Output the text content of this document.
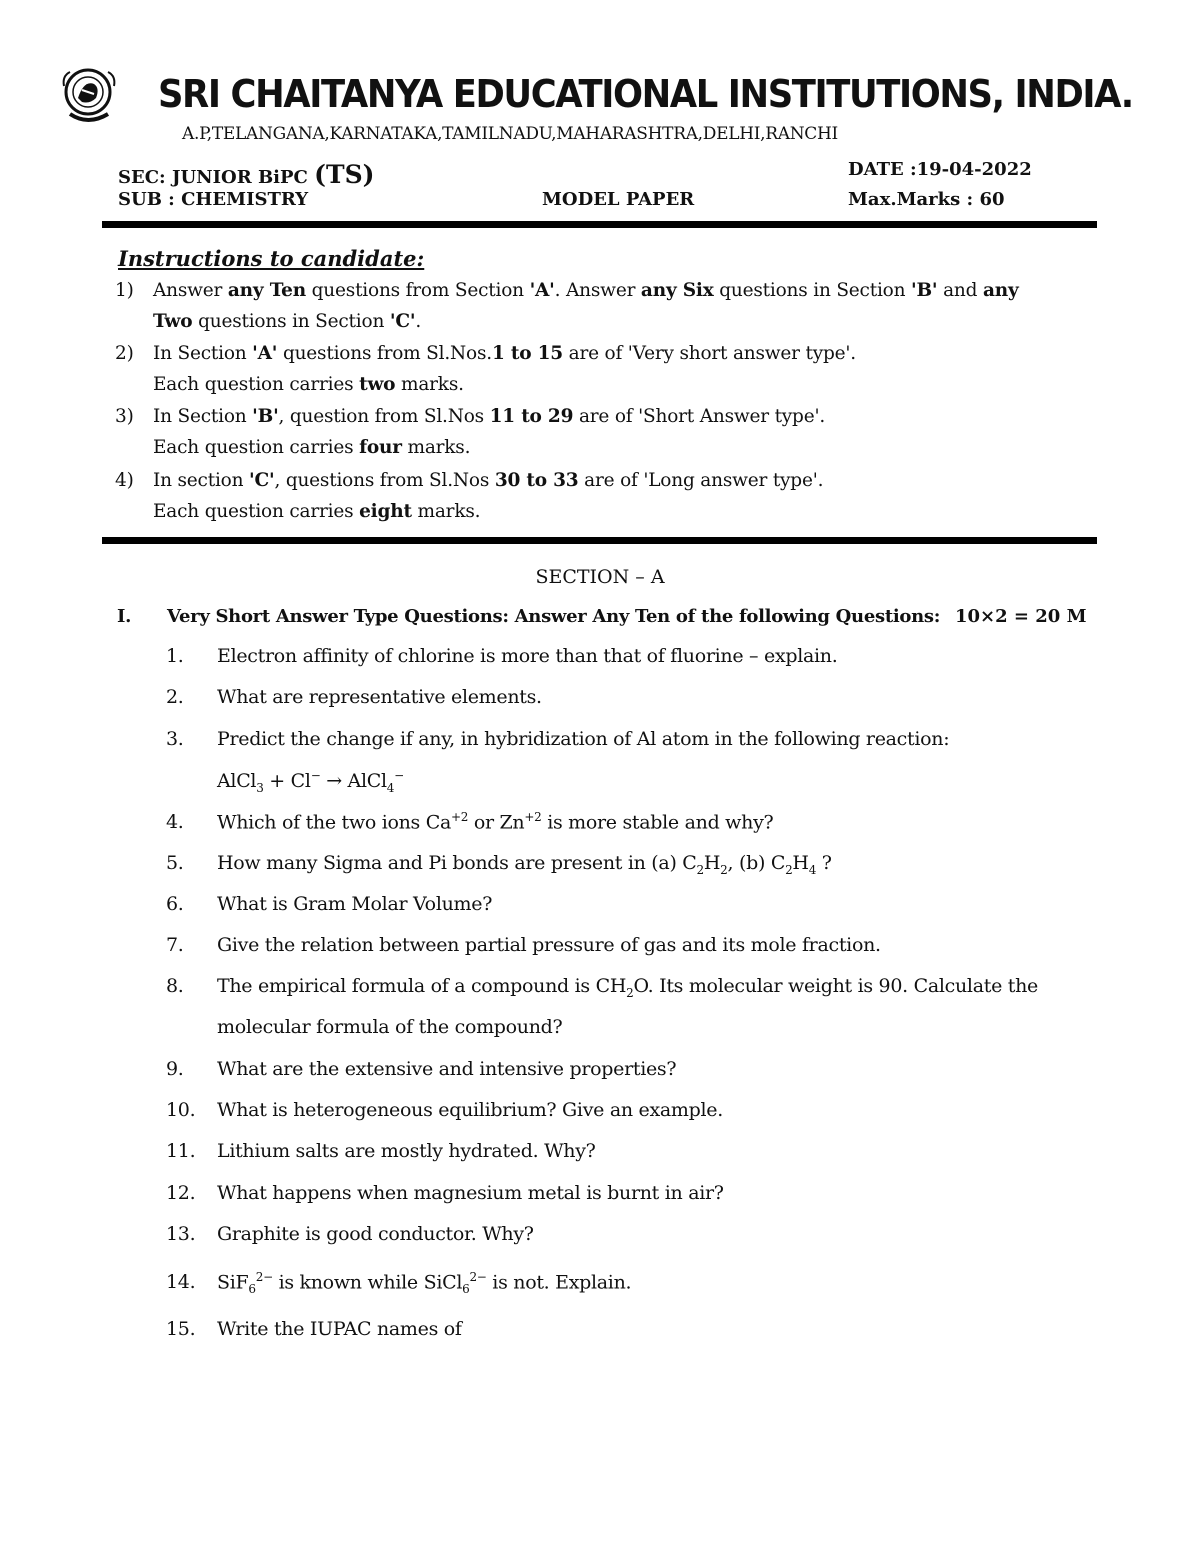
SRI CHAITANYA EDUCATIONAL INSTITUTIONS, INDIA.
A.P,TELANGANA,KARNATAKA,TAMILNADU,MAHARASHTRA,DELHI,RANCHI
SEC: JUNIOR BiPC (TS)	DATE :19-04-2022
SUB : CHEMISTRY	MODEL PAPER	Max.Marks : 60
Instructions to candidate:
1) Answer any Ten questions from Section 'A'. Answer any Six questions in Section 'B' and any
Two questions in Section 'C'.
2) In Section 'A' questions from Sl.Nos.1 to 15 are of 'Very short answer type'.
Each question carries two marks.
3) In Section 'B', question from Sl.Nos 11 to 29 are of 'Short Answer type'.
Each question carries four marks.
4) In section 'C', questions from Sl.Nos 30 to 33 are of 'Long answer type'.
Each question carries eight marks.
SECTION – A
I. Very Short Answer Type Questions: Answer Any Ten of the following Questions: 10×2 = 20 M
1. Electron affinity of chlorine is more than that of fluorine – explain.
2. What are representative elements.
3. Predict the change if any, in hybridization of Al atom in the following reaction:
AlCl$_3$ + Cl− → AlCl$_4$−
4. Which of the two ions $Ca^{+2}$ or $Zn^{+2}$ is more stable and why?
5. How many Sigma and Pi bonds are present in (a) $C_2H_2$, (b) $C_2H_4$ ?
6. What is Gram Molar Volume?
7. Give the relation between partial pressure of gas and its mole fraction.
8. The empirical formula of a compound is $CH_2O$. Its molecular weight is 90. Calculate the
molecular formula of the compound?
9. What are the extensive and intensive properties?
10. What is heterogeneous equilibrium? Give an example.
11. Lithium salts are mostly hydrated. Why?
12. What happens when magnesium metal is burnt in air?
13. Graphite is good conductor. Why?
14. SiF$_6^{2-}$ is known while SiCl$_6^{2-}$ is not. Explain.
15. Write the IUPAC names of
